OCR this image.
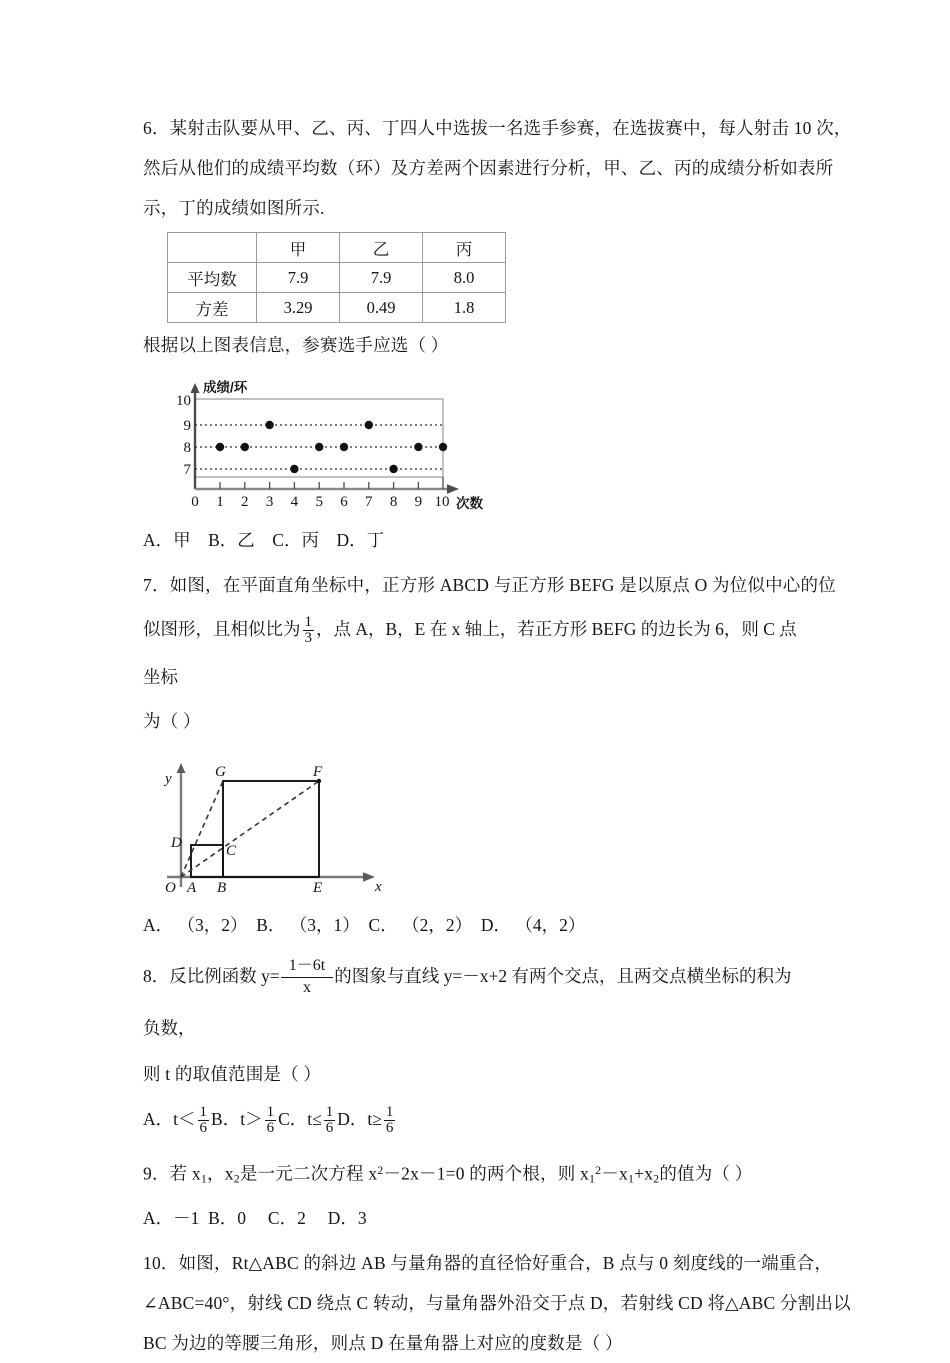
6．某射击队要从甲、乙、丙、丁四人中选拔一名选手参赛，在选拔赛中，每人射击 10 次，
然后从他们的成绩平均数（环）及方差两个因素进行分析，甲、乙、丙的成绩分析如表所
示，丁的成绩如图所示.
	甲	乙	丙
平均数	7.9	7.9	8.0
方差	3.29	0.49	1.8
根据以上图表信息，参赛选手应选（ ）
10
9
8
7
0 1 2 3 4 5 6 7 8 9 10
成绩/环
次数
A．甲    B．乙    C．丙    D．丁
7．如图，在平面直角坐标中，正方形 ABCD 与正方形 BEFG 是以原点 O 为位似中心的位
似图形，且相似比为 $\frac{1}{3}$ ，点 A，B，E 在 x 轴上，若正方形 BEFG 的边长为 6，则 C 点坐标
为（ ）
y
x
O A B	E
D	C
G	F
A． （3，2）  B． （3，1）  C． （2，2）  D． （4，2）
8．反比例函数 $y= \frac{1-6t}{x}$ 的图象与直线 y=－x+2 有两个交点，且两交点横坐标的积为负数，
则 t 的取值范围是（ ）
A．$t< \frac{1}{6}$ B．$t> \frac{1}{6}$ C．$t\le \frac{1}{6}$ D．$t\ge \frac{1}{6}$
9．若 $x_1$，$x_2$是一元二次方程 $x^2-2x-1=0$ 的两个根，则 $x_1^2-x_1+x_2$的值为（ ）
A．－1  B．0     C．2     D．3
10．如图，Rt△ABC 的斜边 AB 与量角器的直径恰好重合，B 点与 0 刻度线的一端重合，
∠ABC=40°，射线 CD 绕点 C 转动，与量角器外沿交于点 D，若射线 CD 将△ABC 分割出以
BC 为边的等腰三角形，则点 D 在量角器上对应的度数是（ ）
